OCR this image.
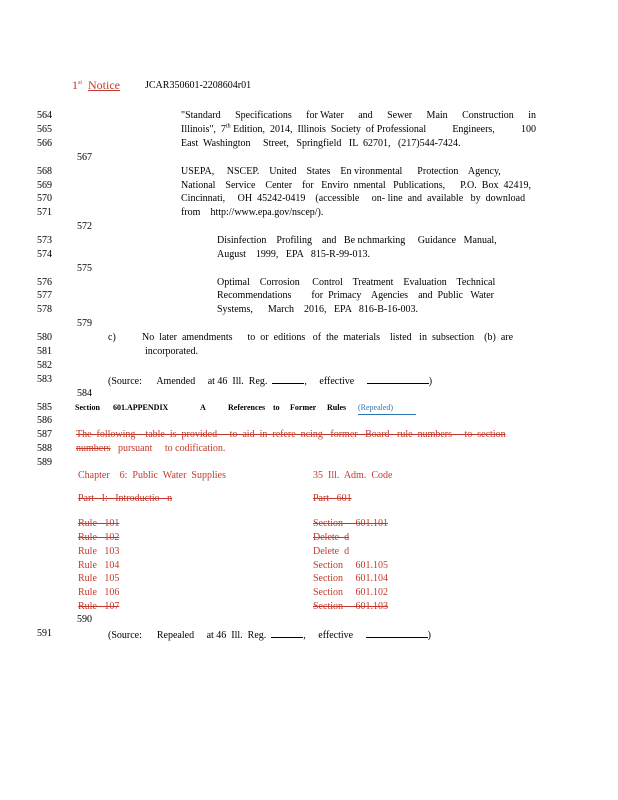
1st Notice	JCAR350601-2208604r01
564
565
566
567
568
569
570
571
572
573
574
575
576
577
578
579
580
581
582
583
584
585
586
587
588
589
590
591
"Standard Specifications for Water and Sewer Main Construction in
Illinois",  7th Edition,  2014,  Illinois  Society  of Professional	Engineers,	100
East  Washington     Street,   Springfield   IL  62701,   (217)544-7424.
USEPA,     NSCEP.    United    States    En vironmental      Protection    Agency,
National    Service    Center    for   Enviro  nmental   Publications,      P.O.  Box  42419,
Cincinnati,     OH  45242-0419    (accessible     on- line  and  available   by  download
from    http://www.epa.gov/nscep/).
Disinfection    Profiling    and   Be nchmarking     Guidance   Manual,
August    1999,   EPA   815-R-99-013.
Optimal    Corrosion     Control    Treatment    Evaluation    Technical
Recommendations        for  Primacy    Agencies    and  Public   Water
Systems,      March    2016,   EPA   816-B-16-003.
c)	No  later  amendments      to  or  editions   of  the  materials    listed   in  subsection    (b)  are
incorporated.
(Source:      Amended     at 46  Ill.  Reg.	, effective	)
Section 601.APPENDIX	A	References to Former Rules (Repealed)
The  following    table  is  provided     to  aid  in  refere  ncing   former   Board   rule  numbers     to  section
numbers   pursuant     to codification.
Chapter    6:  Public  Water  Supplies	35  Ill.  Adm.  Code
Part   I:   Introductio   n	Part   601
Rule   101	Section     601.101
Rule   102	Delete  d
Rule   103	Delete  d
Rule   104	Section     601.105
Rule   105	Section     601.104
Rule   106	Section     601.102
Rule   107	Section     601.103
(Source:      Repealed     at 46  Ill.  Reg.	, effective	)
